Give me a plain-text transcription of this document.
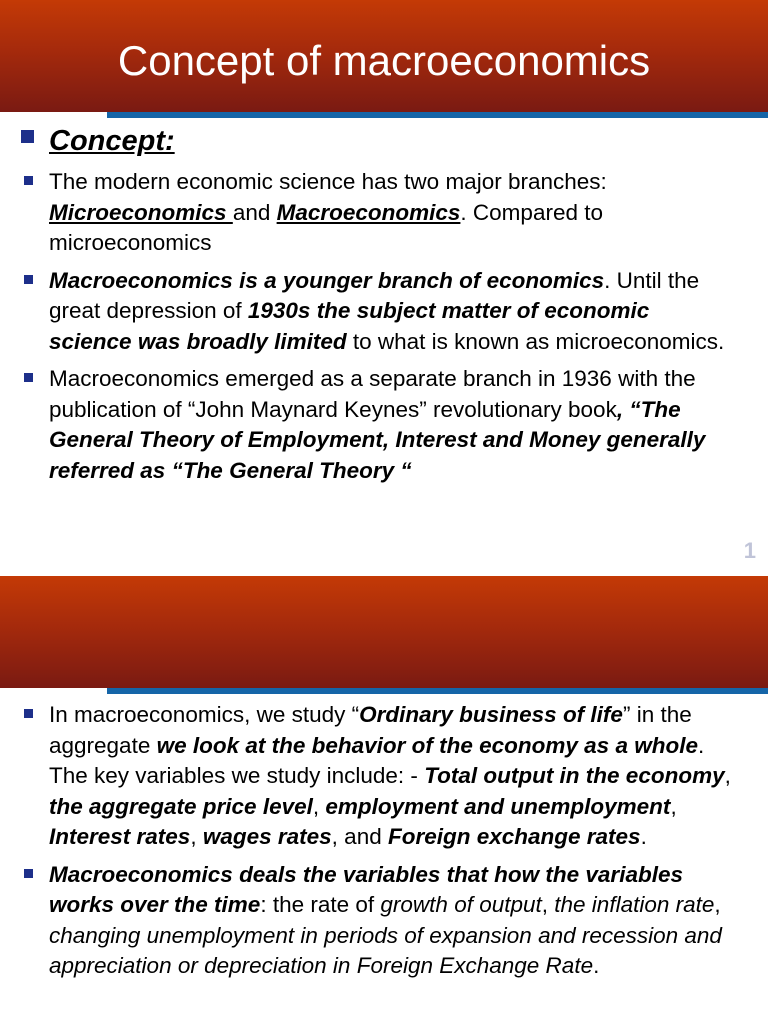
Concept of macroeconomics
Concept:
The modern economic science has two major branches: Microeconomics and Macroeconomics. Compared to microeconomics
Macroeconomics is a younger branch of economics. Until the great depression of 1930s the subject matter of economic science was broadly limited to what is known as microeconomics.
Macroeconomics emerged as a separate branch in 1936 with the publication of “John Maynard Keynes” revolutionary book, “The General Theory of Employment, Interest and Money generally referred as “The General Theory “
1
In macroeconomics, we study “Ordinary business of life” in the aggregate we look at the behavior of the economy as a whole. The key variables we study include: - Total output in the economy, the aggregate price level, employment and unemployment, Interest rates, wages rates, and Foreign exchange rates.
Macroeconomics deals the variables that how the variables works over the time: the rate of growth of output, the inflation rate, changing unemployment in periods of expansion and recession and appreciation or depreciation in Foreign Exchange Rate.
